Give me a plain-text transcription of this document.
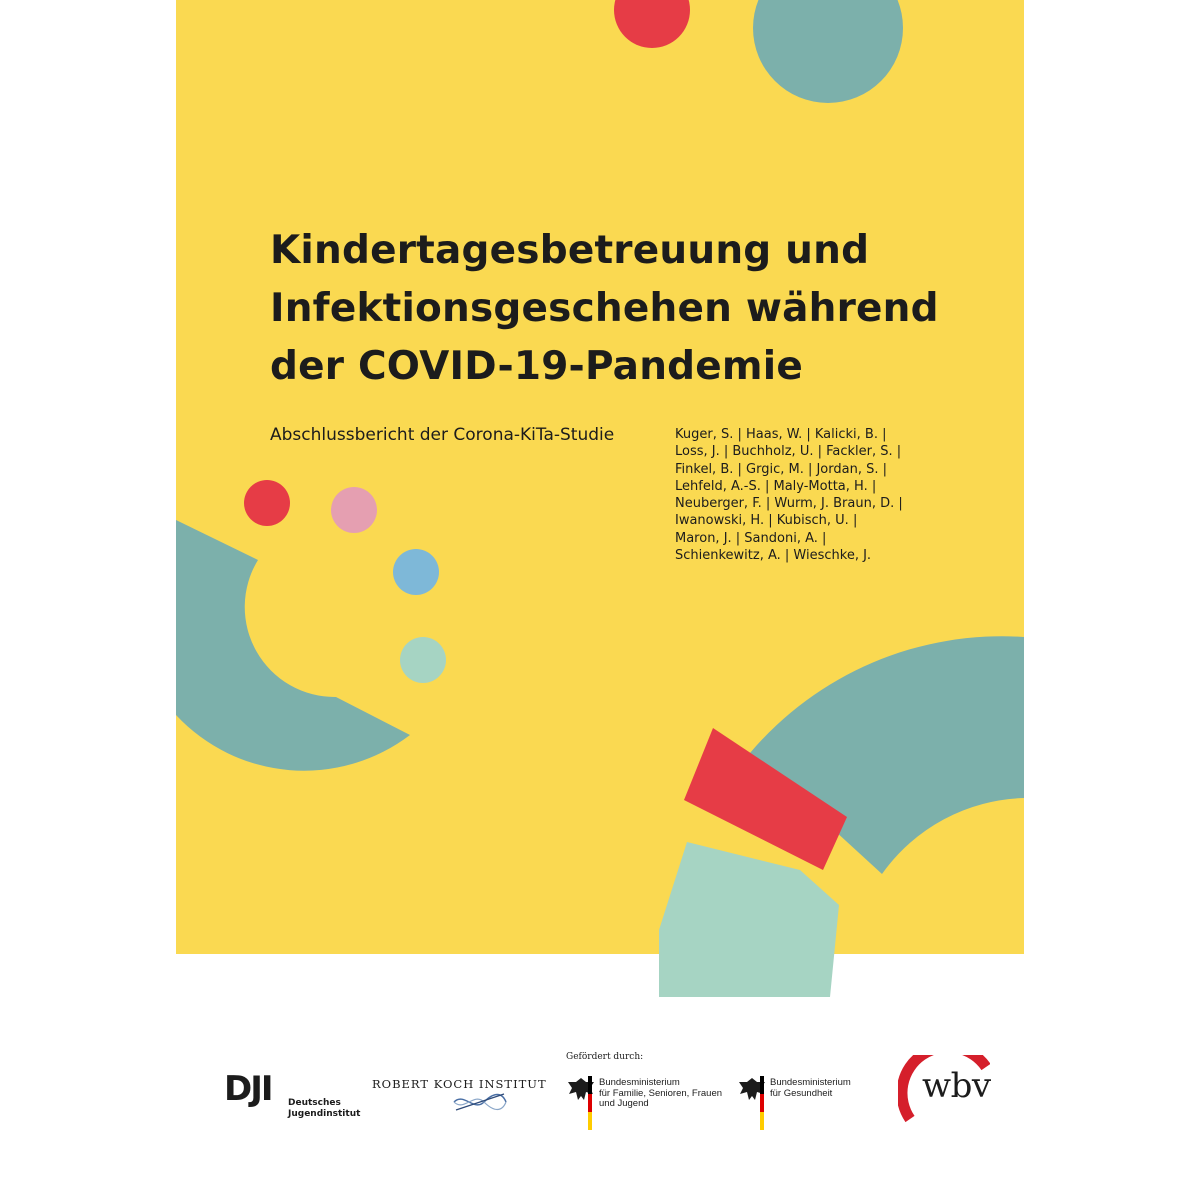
Kindertagesbetreuung und
Infektionsgeschehen während
der COVID-19-Pandemie
Abschlussbericht der Corona-KiTa-Studie	Kuger, S. | Haas, W. | Kalicki, B. |
Loss, J. | Buchholz, U. | Fackler, S. |
Finkel, B. | Grgic, M. | Jordan, S. |
Lehfeld, A.-S. | Maly-Motta, H. |
Neuberger, F. | Wurm, J. Braun, D. |
Iwanowski, H. | Kubisch, U. |
Maron, J. | Sandoni, A. |
Schienkewitz, A. | Wieschke, J.
DJI Deutsches
Jugendinstitut
ROBERT KOCH INSTITUT
Gefördert durch:
Bundesministerium
für Familie, Senioren, Frauen
und Jugend
Bundesministerium
für Gesundheit	wbv
